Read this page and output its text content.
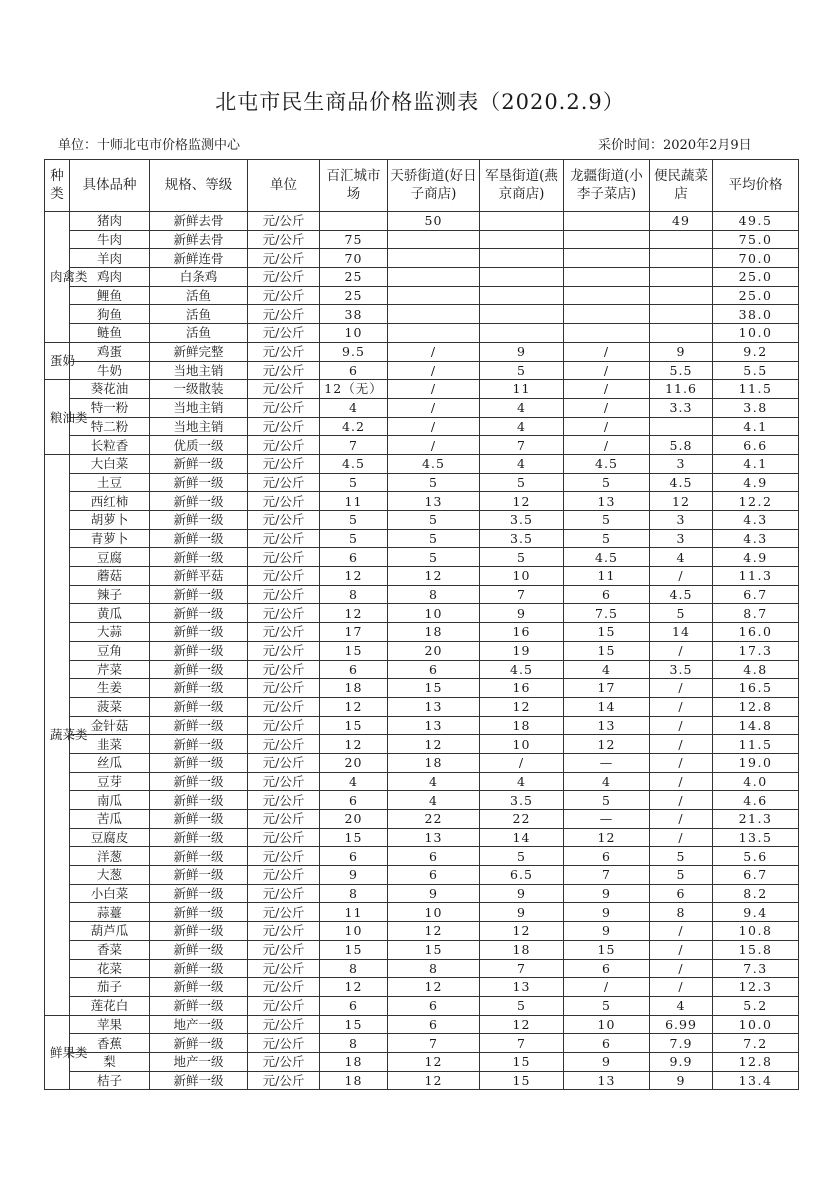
北屯市民生商品价格监测表（2020.2.9）
单位：十师北屯市价格监测中心	采价时间：2020年2月9日
种类	具体品种	规格、等级	单位	百汇城市场	天骄街道(好日子商店)	军垦街道(燕京商店)	龙疆街道(小李子菜店)	便民蔬菜店	平均价格
肉禽类	猪肉	新鲜去骨	元/公斤		50			49	49.5
	牛肉	新鲜去骨	元/公斤	75					75.0
	羊肉	新鲜连骨	元/公斤	70					70.0
	鸡肉	白条鸡	元/公斤	25					25.0
	鲤鱼	活鱼	元/公斤	25					25.0
	狗鱼	活鱼	元/公斤	38					38.0
	鲢鱼	活鱼	元/公斤	10					10.0
蛋奶	鸡蛋	新鲜完整	元/公斤	9.5	/	9	/	9	9.2
	牛奶	当地主销	元/公斤	6	/	5	/	5.5	5.5
粮油类	葵花油	一级散装	元/公斤	12（无）	/	11	/	11.6	11.5
	特一粉	当地主销	元/公斤	4	/	4	/	3.3	3.8
	特二粉	当地主销	元/公斤	4.2	/	4	/		4.1
	长粒香	优质一级	元/公斤	7	/	7	/	5.8	6.6
蔬菜类	大白菜	新鲜一级	元/公斤	4.5	4.5	4	4.5	3	4.1
	土豆	新鲜一级	元/公斤	5	5	5	5	4.5	4.9
	西红柿	新鲜一级	元/公斤	11	13	12	13	12	12.2
	胡萝卜	新鲜一级	元/公斤	5	5	3.5	5	3	4.3
	青萝卜	新鲜一级	元/公斤	5	5	3.5	5	3	4.3
	豆腐	新鲜一级	元/公斤	6	5	5	4.5	4	4.9
	蘑菇	新鲜平菇	元/公斤	12	12	10	11	/	11.3
	辣子	新鲜一级	元/公斤	8	8	7	6	4.5	6.7
	黄瓜	新鲜一级	元/公斤	12	10	9	7.5	5	8.7
	大蒜	新鲜一级	元/公斤	17	18	16	15	14	16.0
	豆角	新鲜一级	元/公斤	15	20	19	15	/	17.3
	芹菜	新鲜一级	元/公斤	6	6	4.5	4	3.5	4.8
	生姜	新鲜一级	元/公斤	18	15	16	17	/	16.5
	菠菜	新鲜一级	元/公斤	12	13	12	14	/	12.8
	金针菇	新鲜一级	元/公斤	15	13	18	13	/	14.8
	韭菜	新鲜一级	元/公斤	12	12	10	12	/	11.5
	丝瓜	新鲜一级	元/公斤	20	18	/	—	/	19.0
	豆芽	新鲜一级	元/公斤	4	4	4	4	/	4.0
	南瓜	新鲜一级	元/公斤	6	4	3.5	5	/	4.6
	苦瓜	新鲜一级	元/公斤	20	22	22	—	/	21.3
	豆腐皮	新鲜一级	元/公斤	15	13	14	12	/	13.5
	洋葱	新鲜一级	元/公斤	6	6	5	6	5	5.6
	大葱	新鲜一级	元/公斤	9	6	6.5	7	5	6.7
	小白菜	新鲜一级	元/公斤	8	9	9	9	6	8.2
	蒜薹	新鲜一级	元/公斤	11	10	9	9	8	9.4
	葫芦瓜	新鲜一级	元/公斤	10	12	12	9	/	10.8
	香菜	新鲜一级	元/公斤	15	15	18	15	/	15.8
	花菜	新鲜一级	元/公斤	8	8	7	6	/	7.3
	茄子	新鲜一级	元/公斤	12	12	13	/	/	12.3
	莲花白	新鲜一级	元/公斤	6	6	5	5	4	5.2
鲜果类	苹果	地产一级	元/公斤	15	6	12	10	6.99	10.0
	香蕉	新鲜一级	元/公斤	8	7	7	6	7.9	7.2
	梨	地产一级	元/公斤	18	12	15	9	9.9	12.8
	桔子	新鲜一级	元/公斤	18	12	15	13	9	13.4
